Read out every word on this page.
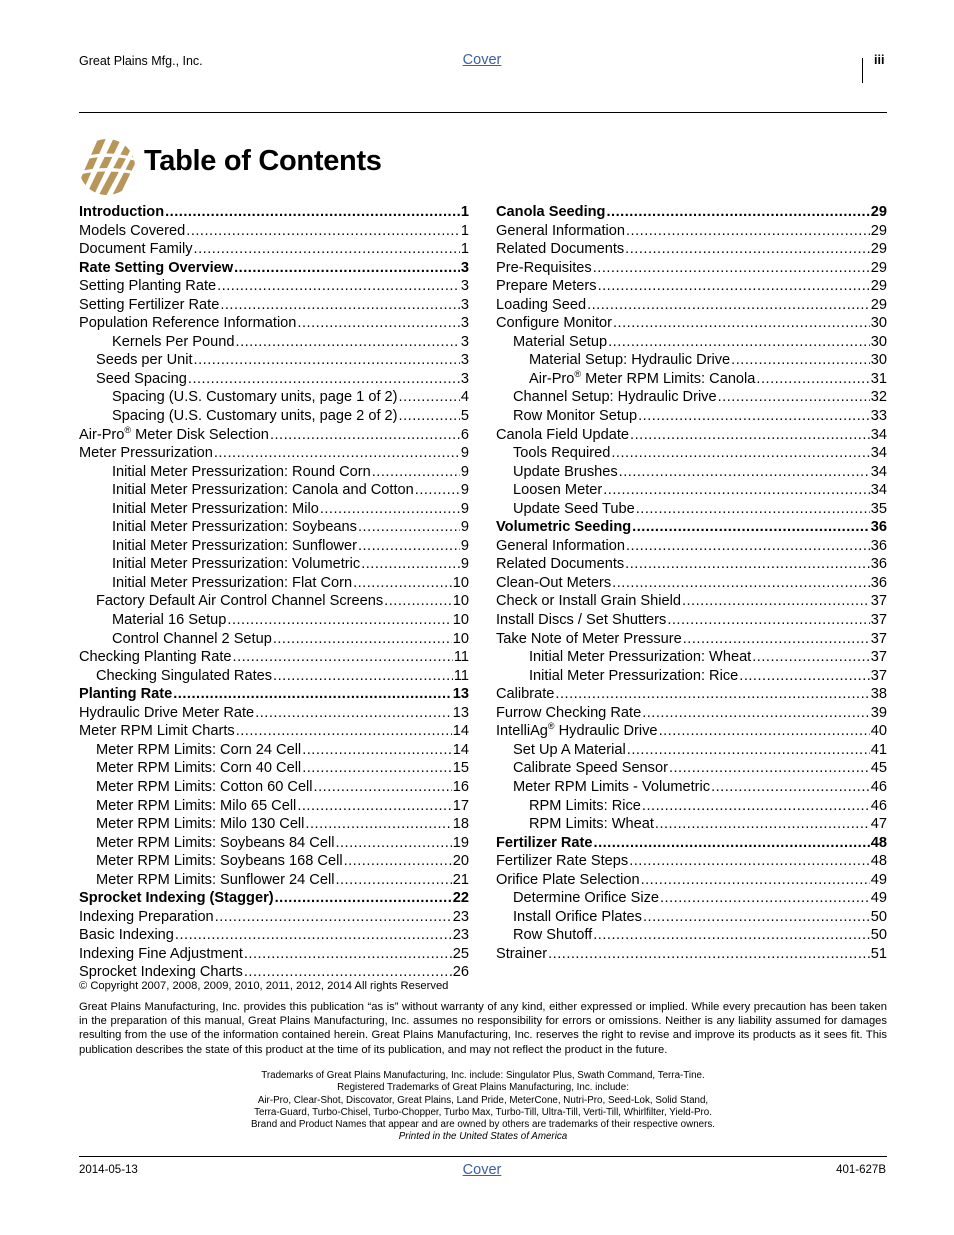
Great Plains Mfg., Inc.	Cover	iii
Table of Contents
Introduction .....	1
Models Covered .....	1
Document Family .....	1
Rate Setting Overview .....	3
Setting Planting Rate .....	3
Setting Fertilizer Rate .....	3
Population Reference Information .....	3
Kernels Per Pound .....	3
Seeds per Unit .....	3
Seed Spacing .....	3
Spacing (U.S. Customary units, page 1 of 2) .....	4
Spacing (U.S. Customary units, page 2 of 2) .....	5
Air-Pro® Meter Disk Selection .....	6
Meter Pressurization .....	9
Initial Meter Pressurization: Round Corn .....	9
Initial Meter Pressurization: Canola and Cotton .....	9
Initial Meter Pressurization: Milo .....	9
Initial Meter Pressurization: Soybeans .....	9
Initial Meter Pressurization: Sunflower .....	9
Initial Meter Pressurization: Volumetric .....	9
Initial Meter Pressurization: Flat Corn .....	10
Factory Default Air Control Channel Screens .....	10
Material 16 Setup .....	10
Control Channel 2 Setup .....	10
Checking Planting Rate .....	11
Checking Singulated Rates .....	11
Planting Rate .....	13
Hydraulic Drive Meter Rate .....	13
Meter RPM Limit Charts .....	14
Meter RPM Limits: Corn 24 Cell .....	14
Meter RPM Limits: Corn 40 Cell .....	15
Meter RPM Limits: Cotton 60 Cell .....	16
Meter RPM Limits: Milo 65 Cell .....	17
Meter RPM Limits: Milo 130 Cell .....	18
Meter RPM Limits: Soybeans 84 Cell .....	19
Meter RPM Limits: Soybeans 168 Cell .....	20
Meter RPM Limits: Sunflower 24 Cell .....	21
Sprocket Indexing (Stagger) .....	22
Indexing Preparation .....	23
Basic Indexing .....	23
Indexing Fine Adjustment .....	25
Sprocket Indexing Charts .....	26
Canola Seeding .....	29
General Information .....	29
Related Documents .....	29
Pre-Requisites .....	29
Prepare Meters .....	29
Loading Seed .....	29
Configure Monitor .....	30
Material Setup .....	30
Material Setup: Hydraulic Drive .....	30
Air-Pro® Meter RPM Limits: Canola .....	31
Channel Setup: Hydraulic Drive .....	32
Row Monitor Setup .....	33
Canola Field Update .....	34
Tools Required .....	34
Update Brushes .....	34
Loosen Meter .....	34
Update Seed Tube .....	35
Volumetric Seeding .....	36
General Information .....	36
Related Documents .....	36
Clean-Out Meters .....	36
Check or Install Grain Shield .....	37
Install Discs / Set Shutters .....	37
Take Note of Meter Pressure .....	37
Initial Meter Pressurization: Wheat .....	37
Initial Meter Pressurization: Rice .....	37
Calibrate .....	38
Furrow Checking Rate .....	39
IntelliAg® Hydraulic Drive .....	40
Set Up A Material .....	41
Calibrate Speed Sensor .....	45
Meter RPM Limits - Volumetric .....	46
RPM Limits: Rice .....	46
RPM Limits: Wheat .....	47
Fertilizer Rate .....	48
Fertilizer Rate Steps .....	48
Orifice Plate Selection .....	49
Determine Orifice Size .....	49
Install Orifice Plates .....	50
Row Shutoff .....	50
Strainer .....	51
© Copyright 2007, 2008, 2009, 2010, 2011, 2012, 2014 All rights Reserved
Great Plains Manufacturing, Inc. provides this publication “as is” without warranty of any kind, either expressed or implied. While every precaution has been taken in the preparation of this manual, Great Plains Manufacturing, Inc. assumes no responsibility for errors or omissions. Neither is any liability assumed for damages resulting from the use of the information contained herein. Great Plains Manufacturing, Inc. reserves the right to revise and improve its products as it sees fit. This publication describes the state of this product at the time of its publication, and may not reflect the product in the future.
Trademarks of Great Plains Manufacturing, Inc. include: Singulator Plus, Swath Command, Terra-Tine.
Registered Trademarks of Great Plains Manufacturing, Inc. include:
Air-Pro, Clear-Shot, Discovator, Great Plains, Land Pride, MeterCone, Nutri-Pro, Seed-Lok, Solid Stand,
Terra-Guard, Turbo-Chisel, Turbo-Chopper, Turbo Max, Turbo-Till, Ultra-Till, Verti-Till, Whirlfilter, Yield-Pro.
Brand and Product Names that appear and are owned by others are trademarks of their respective owners.
Printed in the United States of America
2014-05-13	Cover	401-627B
